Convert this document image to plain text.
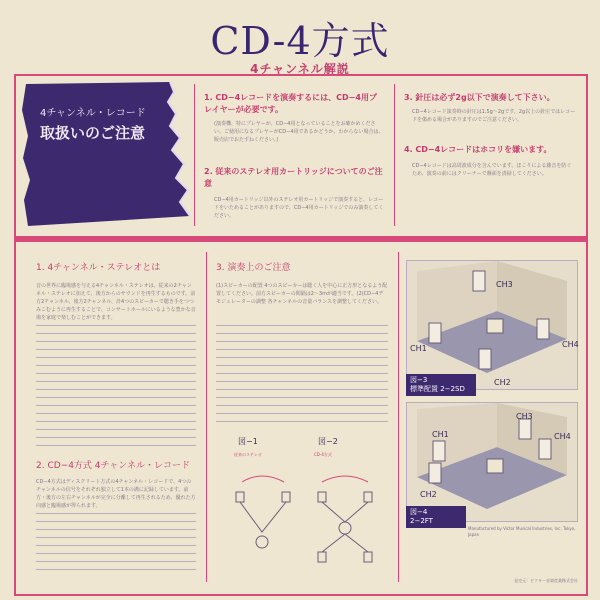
CD-4方式
4チャンネル解説
4チャンネル・レコード
取扱いのご注意
1. CD−4レコードを演奏するには、CD−4用プレイヤーが必要です。
(演奏機、特にプレヤーが、CD−4用となっていることをお確かめください。ご使用になるプレヤーがCD−4用であるかどうか、わからない場合は、販売店でおたずねください。)
2. 従来のステレオ用カートリッジについてのご注意
CD−4用カートリッジ以外のステレオ用カートリッジで演奏すると、レコードをいためることがありますので、CD−4用カートリッジでのみ演奏してください。
3. 針圧は必ず2g以下で演奏して下さい。
CD−4レコード演奏時の針圧は1.5g〜2gです。2g以上の針圧ではレコードを傷める場合がありますのでご注意ください。
4. CD−4レコードはホコリを嫌います。
CD−4レコードは高周波成分を含んでいます。ほこりによる雑音を防ぐため、演奏の前にはクリーナーで盤面を清掃してください。
1. 4チャンネル・ステレオとは
音の世界に臨場感を与える4チャンネル・ステレオは、従来の2チャンネル・ステレオに加えて、後方からのサウンドを再生するものです。前方2チャンネル、後方2チャンネル、計4つのスピーカーで聴き手をつつみこむように再生することで、コンサートホールにいるような豊かな音場を家庭で楽しむことができます。
2. CD−4方式 4チャンネル・レコード
CD−4方式はディスクリート方式の4チャンネル・レコードで、4つのチャンネルの信号をそれぞれ独立して1本の溝に記録しています。前方・後方の左右チャンネルが完全に分離して再生されるため、優れた方向感と臨場感が得られます。
3. 演奏上のご注意
(1)スピーカーの配置 4つのスピーカーは聴く人を中心に正方形となるよう配置してください。前方スピーカーの間隔は2〜3mが適当です。(2)CD−4デモジュレーターの調整 各チャンネルの音量バランスを調整してください。
図−1	図−2
従来のステレオ	CD-4方式
CH3
CH1	CH4
CH2
図−3
標準配置 2−2SD
CH1
CH3
CH4
CH2
図−4
2−2FT
Manufactured by Victor Musical Industries, Inc. Tokyo, Japan
発売元：ビクター音楽産業株式会社
